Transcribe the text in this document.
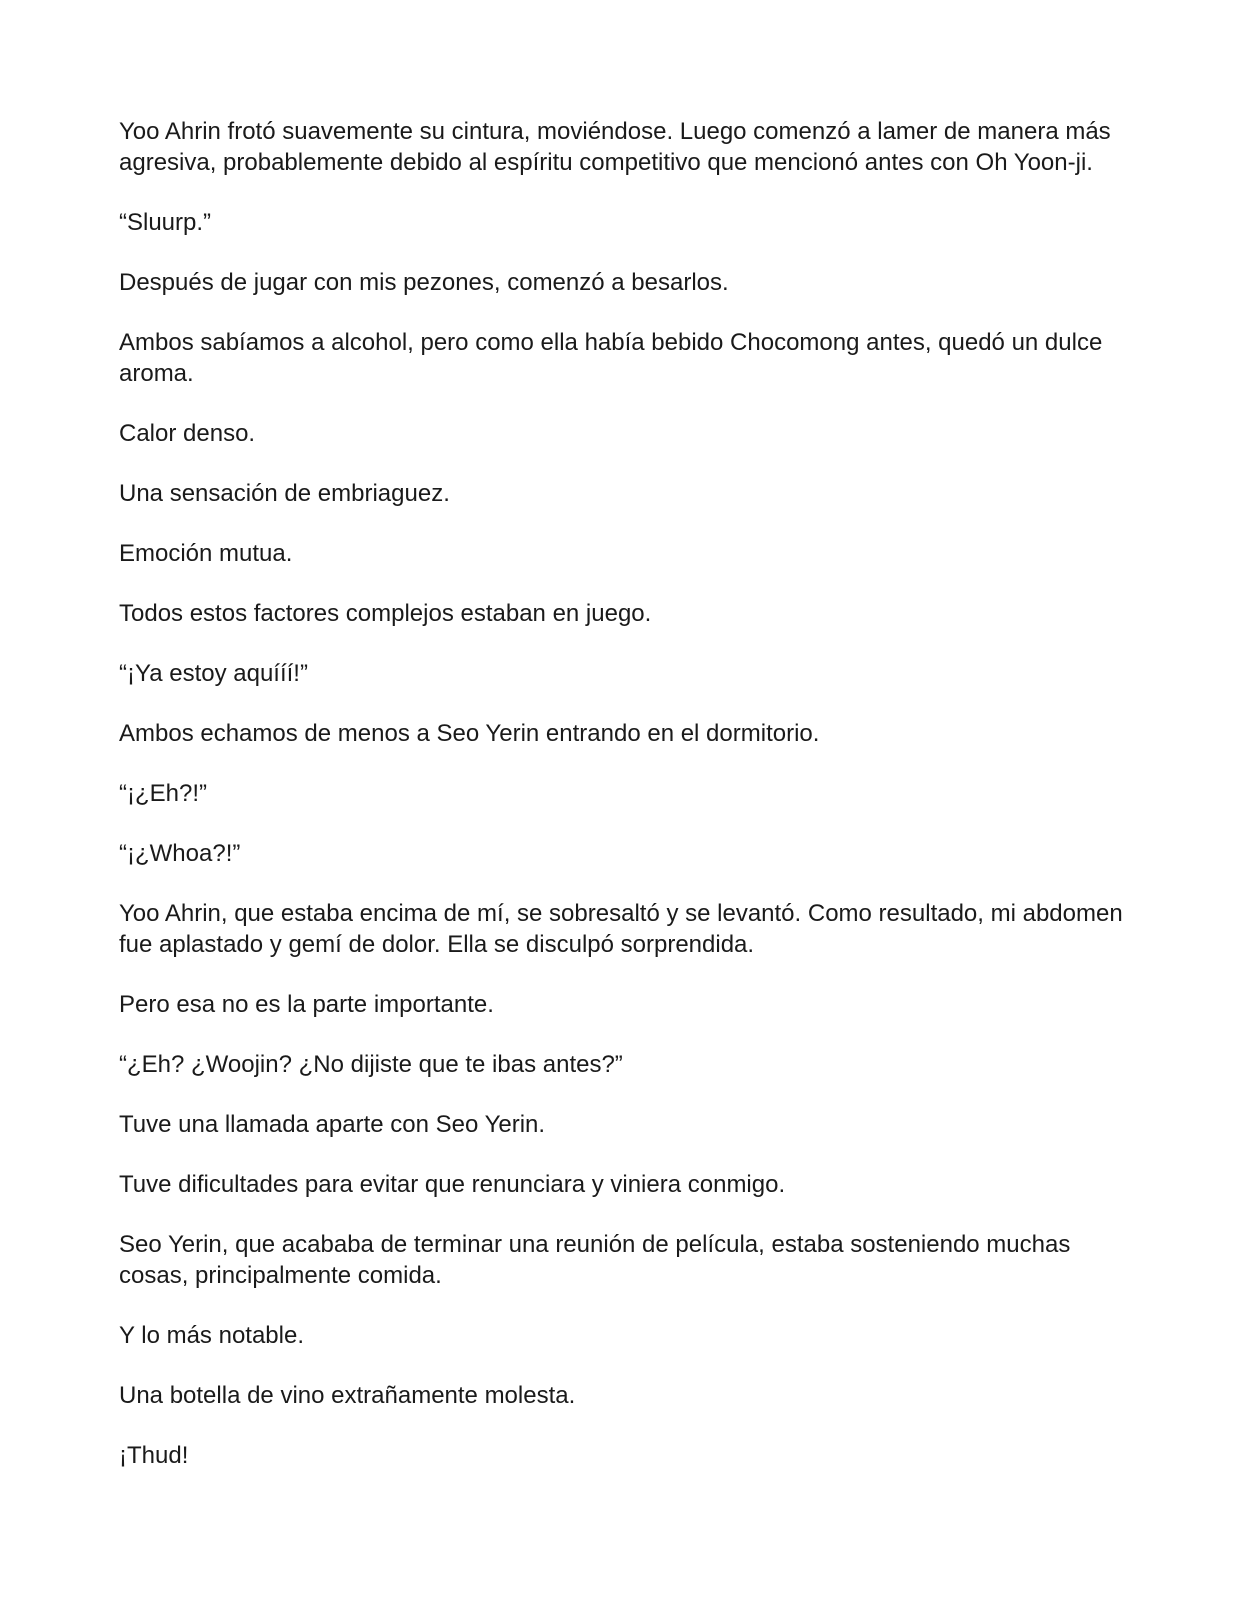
Yoo Ahrin frotó suavemente su cintura, moviéndose. Luego comenzó a lamer de manera más agresiva, probablemente debido al espíritu competitivo que mencionó antes con Oh Yoon-ji.

“Sluurp.”

Después de jugar con mis pezones, comenzó a besarlos.

Ambos sabíamos a alcohol, pero como ella había bebido Chocomong antes, quedó un dulce aroma.

Calor denso.

Una sensación de embriaguez.

Emoción mutua.

Todos estos factores complejos estaban en juego.

“¡Ya estoy aquííí!”

Ambos echamos de menos a Seo Yerin entrando en el dormitorio.

“¡¿Eh?!”

“¡¿Whoa?!”

Yoo Ahrin, que estaba encima de mí, se sobresaltó y se levantó. Como resultado, mi abdomen fue aplastado y gemí de dolor. Ella se disculpó sorprendida.

Pero esa no es la parte importante.

“¿Eh? ¿Woojin? ¿No dijiste que te ibas antes?”

Tuve una llamada aparte con Seo Yerin.

Tuve dificultades para evitar que renunciara y viniera conmigo.

Seo Yerin, que acababa de terminar una reunión de película, estaba sosteniendo muchas cosas, principalmente comida.

Y lo más notable.

Una botella de vino extrañamente molesta.

¡Thud!
